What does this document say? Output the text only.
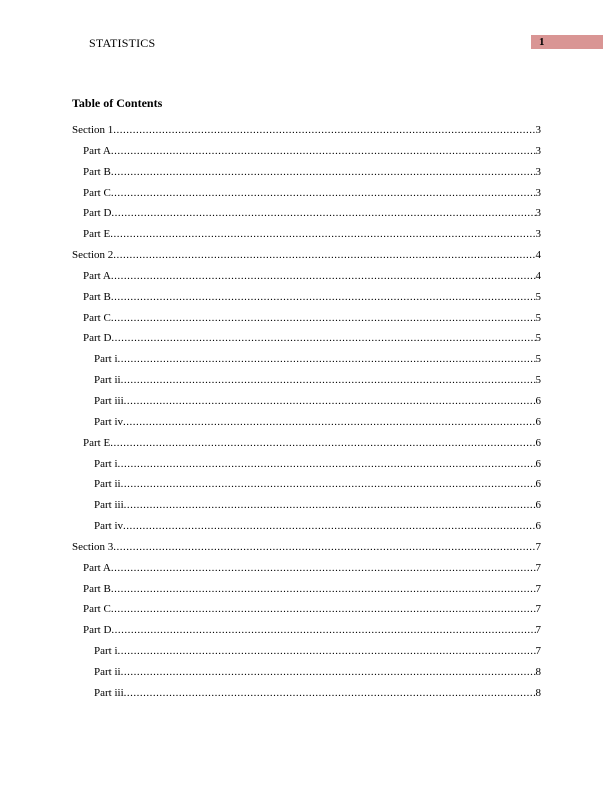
STATISTICS	1
Table of Contents
Section 1 .....	3
Part A .....	3
Part B .....	3
Part C .....	3
Part D .....	3
Part E .....	3
Section 2 .....	4
Part A .....	4
Part B .....	5
Part C .....	5
Part D .....	5
Part i .....	5
Part ii .....	5
Part iii .....	6
Part iv .....	6
Part E .....	6
Part i .....	6
Part ii .....	6
Part iii .....	6
Part iv .....	6
Section 3 .....	7
Part A .....	7
Part B .....	7
Part C .....	7
Part D .....	7
Part i .....	7
Part ii .....	8
Part iii .....	8
